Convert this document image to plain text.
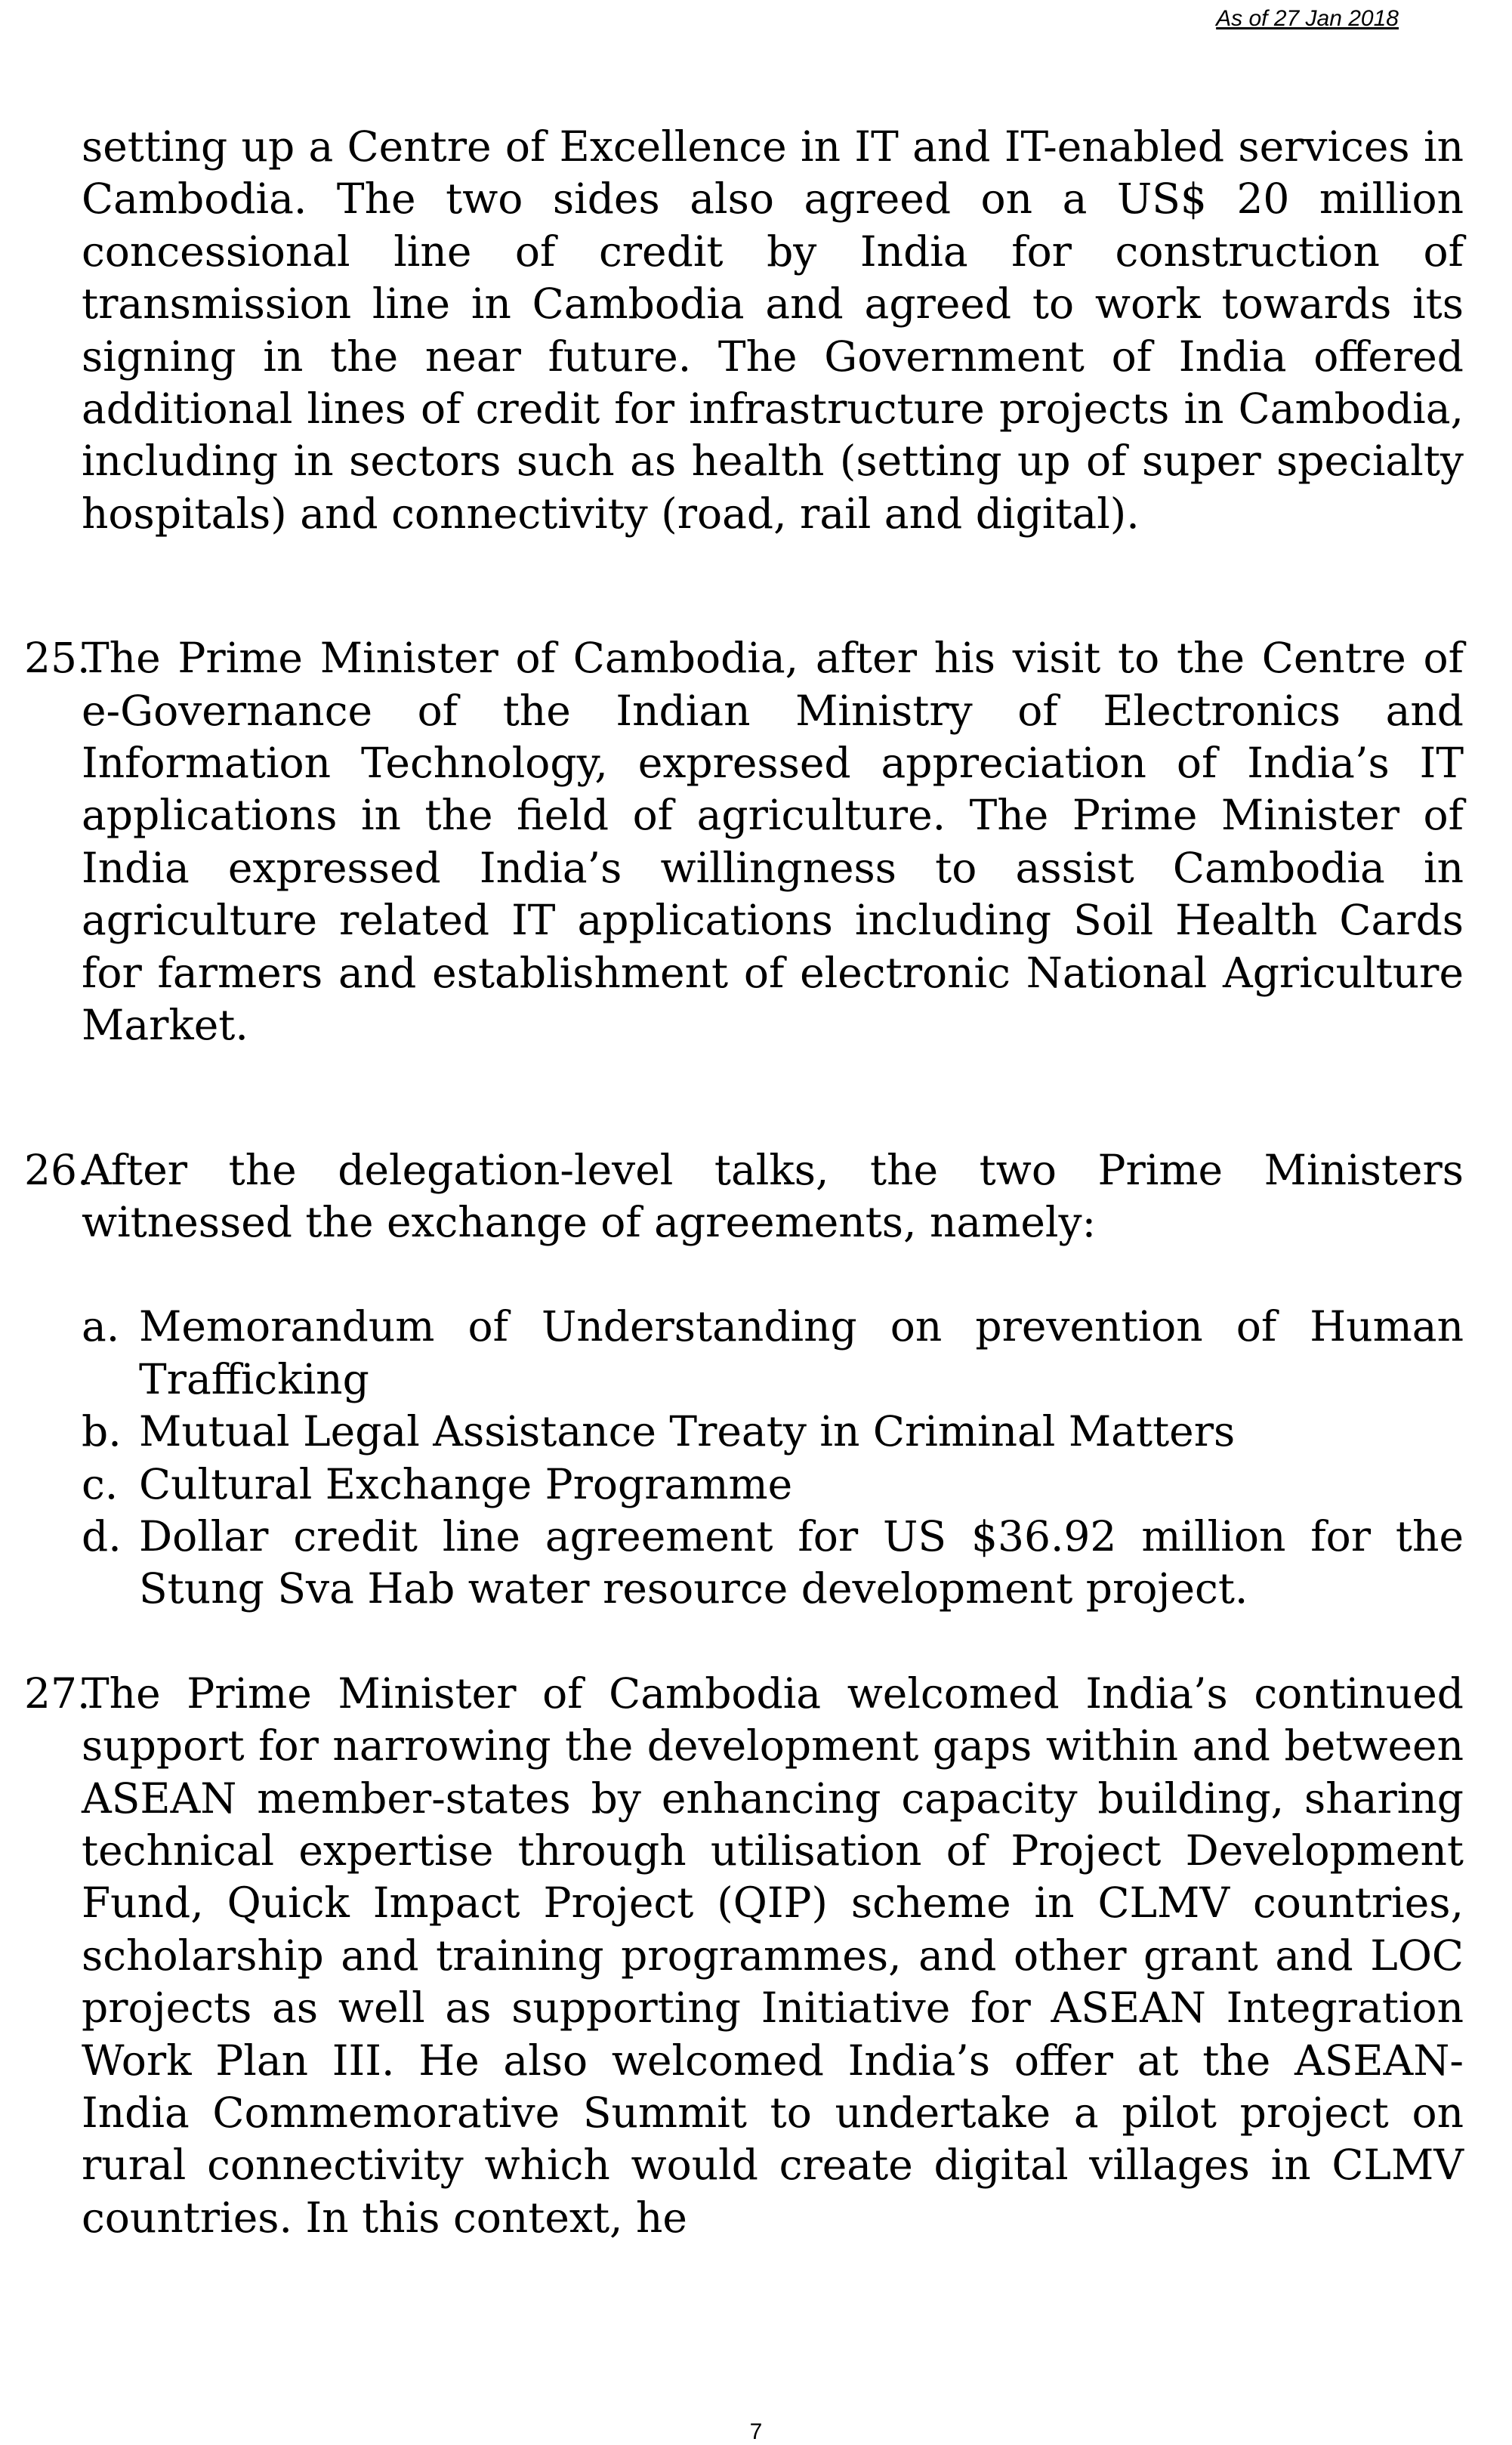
As of 27 Jan 2018

setting up a Centre of Excellence in IT and IT-enabled services in Cambodia. The two sides also agreed on a US$ 20 million concessional line of credit by India for construction of transmission line in Cambodia and agreed to work towards its signing in the near future. The Government of India offered additional lines of credit for infrastructure projects in Cambodia, including in sectors such as health (setting up of super specialty hospitals) and connectivity (road, rail and digital).

25.
The Prime Minister of Cambodia, after his visit to the Centre of e-Governance of the Indian Ministry of Electronics and Information Technology, expressed appreciation of India’s IT applications in the field of agriculture. The Prime Minister of India expressed India’s willingness to assist Cambodia in agriculture related IT applications including Soil Health Cards for farmers and establishment of electronic National Agriculture Market.
26.
After the delegation-level talks, the two Prime Ministers witnessed the exchange of agreements, namely:
a. Memorandum of Understanding on prevention of Human Trafficking
b. Mutual Legal Assistance Treaty in Criminal Matters
c. Cultural Exchange Programme
d. Dollar credit line agreement for US $36.92 million for the Stung Sva Hab water resource development project.
27.
The Prime Minister of Cambodia welcomed India’s continued support for narrowing the development gaps within and between ASEAN member-states by enhancing capacity building, sharing technical expertise through utilisation of Project Development Fund, Quick Impact Project (QIP) scheme in CLMV countries, scholarship and training programmes, and other grant and LOC projects as well as supporting Initiative for ASEAN Integration Work Plan III. He also welcomed India’s offer at the ASEAN-India Commemorative Summit to undertake a pilot project on rural connectivity which would create digital villages in CLMV countries. In this context, he
7
